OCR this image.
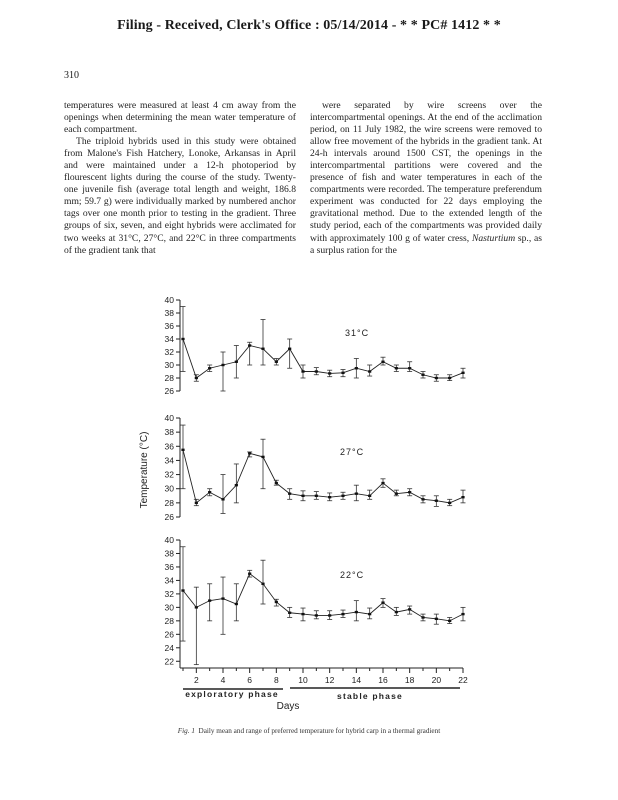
Filing - Received, Clerk's Office : 05/14/2014 - * * PC# 1412 * *
310

temperatures were measured at least 4 cm away from the openings when determining the mean water temperature of each compartment.

The triploid hybrids used in this study were obtained from Malone's Fish Hatchery, Lonoke, Arkansas in April and were maintained under a 12-h photoperiod by flourescent lights during the course of the study. Twenty-one juvenile fish (average total length and weight, 186.8 mm; 59.7 g) were individually marked by numbered anchor tags over one month prior to testing in the gradient. Three groups of six, seven, and eight hybrids were acclimated for two weeks at 31°C, 27°C, and 22°C in three compartments of the gradient tank that

were separated by wire screens over the intercompartmental openings. At the end of the acclimation period, on 11 July 1982, the wire screens were removed to allow free movement of the hybrids in the gradient tank. At 24-h intervals around 1500 CST, the openings in the intercompartmental partitions were covered and the presence of fish and water temperatures in each of the compartments were recorded. The temperature preferendum experiment was conducted for 22 days employing the gravitational method. Due to the extended length of the study period, each of the compartments was provided daily with approximately 100 g of water cress, Nasturtium sp., as a surplus ration for the

26
28
30
32
34
36
38
40
31°C
26
28
30
32
34
36
38
40
27°C
22
24
26
28
30
32
34
36
38
40
22°C
2	4	6	8 10 12 14 16 18 20 22
Temperature (°C)
Days
exploratory phase	stable phase
Fig. 1 Daily mean and range of preferred temperature for hybrid carp in a thermal gradient
